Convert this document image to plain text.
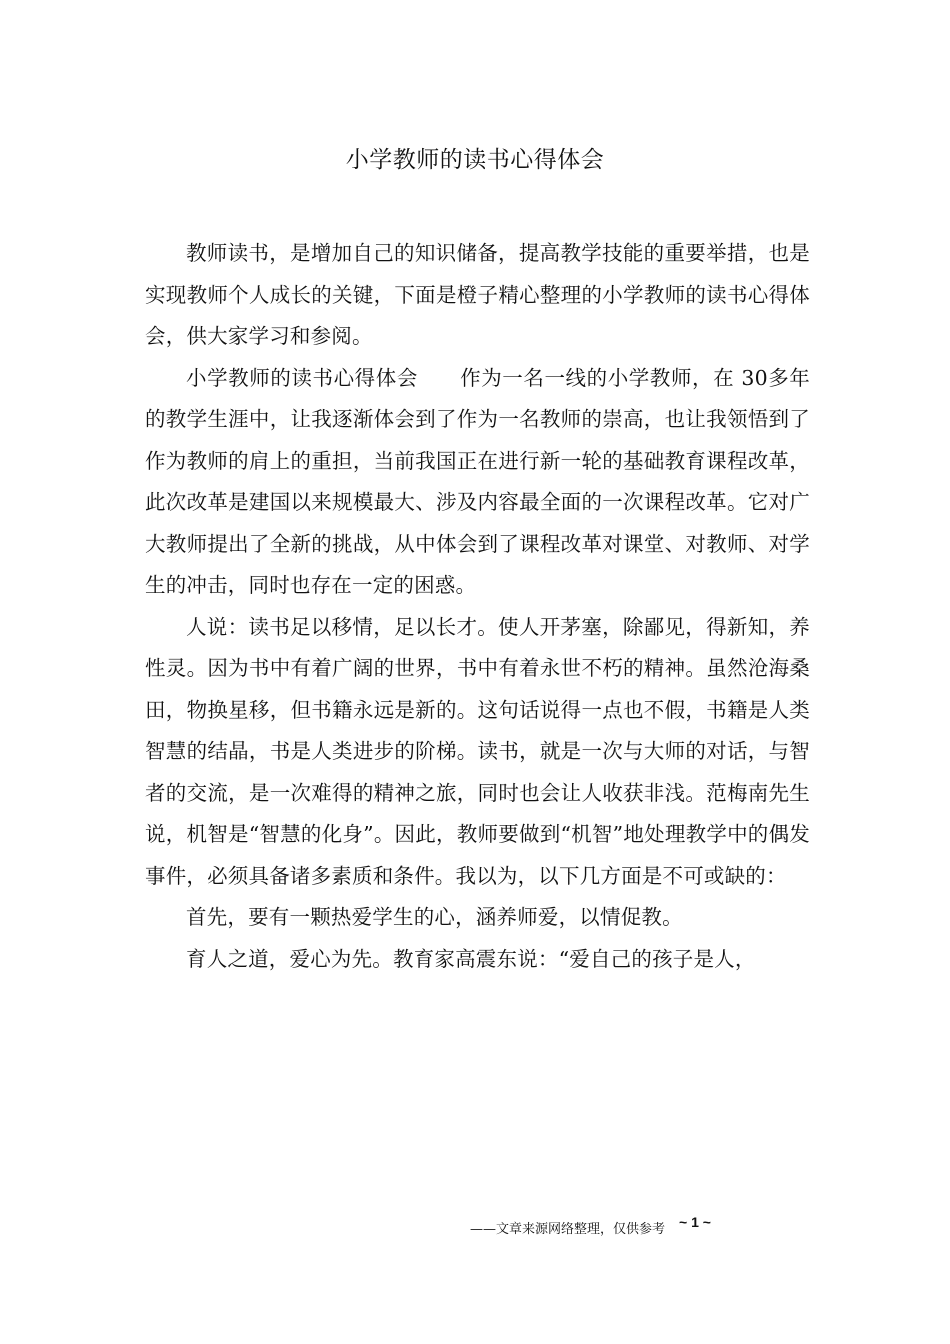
小学教师的读书心得体会

教师读书，是增加自己的知识储备，提高教学技能的重要举措，也是实现教师个人成长的关键，下面是橙子精心整理的小学教师的读书心得体会，供大家学习和参阅。

小学教师的读书心得体会　　作为一名一线的小学教师，在 30多年的教学生涯中，让我逐渐体会到了作为一名教师的崇高，也让我领悟到了作为教师的肩上的重担，当前我国正在进行新一轮的基础教育课程改革，此次改革是建国以来规模最大、涉及内容最全面的一次课程改革。它对广大教师提出了全新的挑战，从中体会到了课程改革对课堂、对教师、对学生的冲击，同时也存在一定的困惑。

人说：读书足以移情，足以长才。使人开茅塞，除鄙见，得新知，养性灵。因为书中有着广阔的世界，书中有着永世不朽的精神。虽然沧海桑田，物换星移，但书籍永远是新的。这句话说得一点也不假，书籍是人类智慧的结晶，书是人类进步的阶梯。读书，就是一次与大师的对话，与智者的交流，是一次难得的精神之旅，同时也会让人收获非浅。范梅南先生说，机智是“智慧的化身”。因此，教师要做到“机智”地处理教学中的偶发事件，必须具备诸多素质和条件。我以为，以下几方面是不可或缺的：

首先，要有一颗热爱学生的心，涵养师爱，以情促教。

育人之道，爱心为先。教育家高震东说：“爱自己的孩子是人，

——文章来源网络整理，仅供参考 ~ 1 ~
